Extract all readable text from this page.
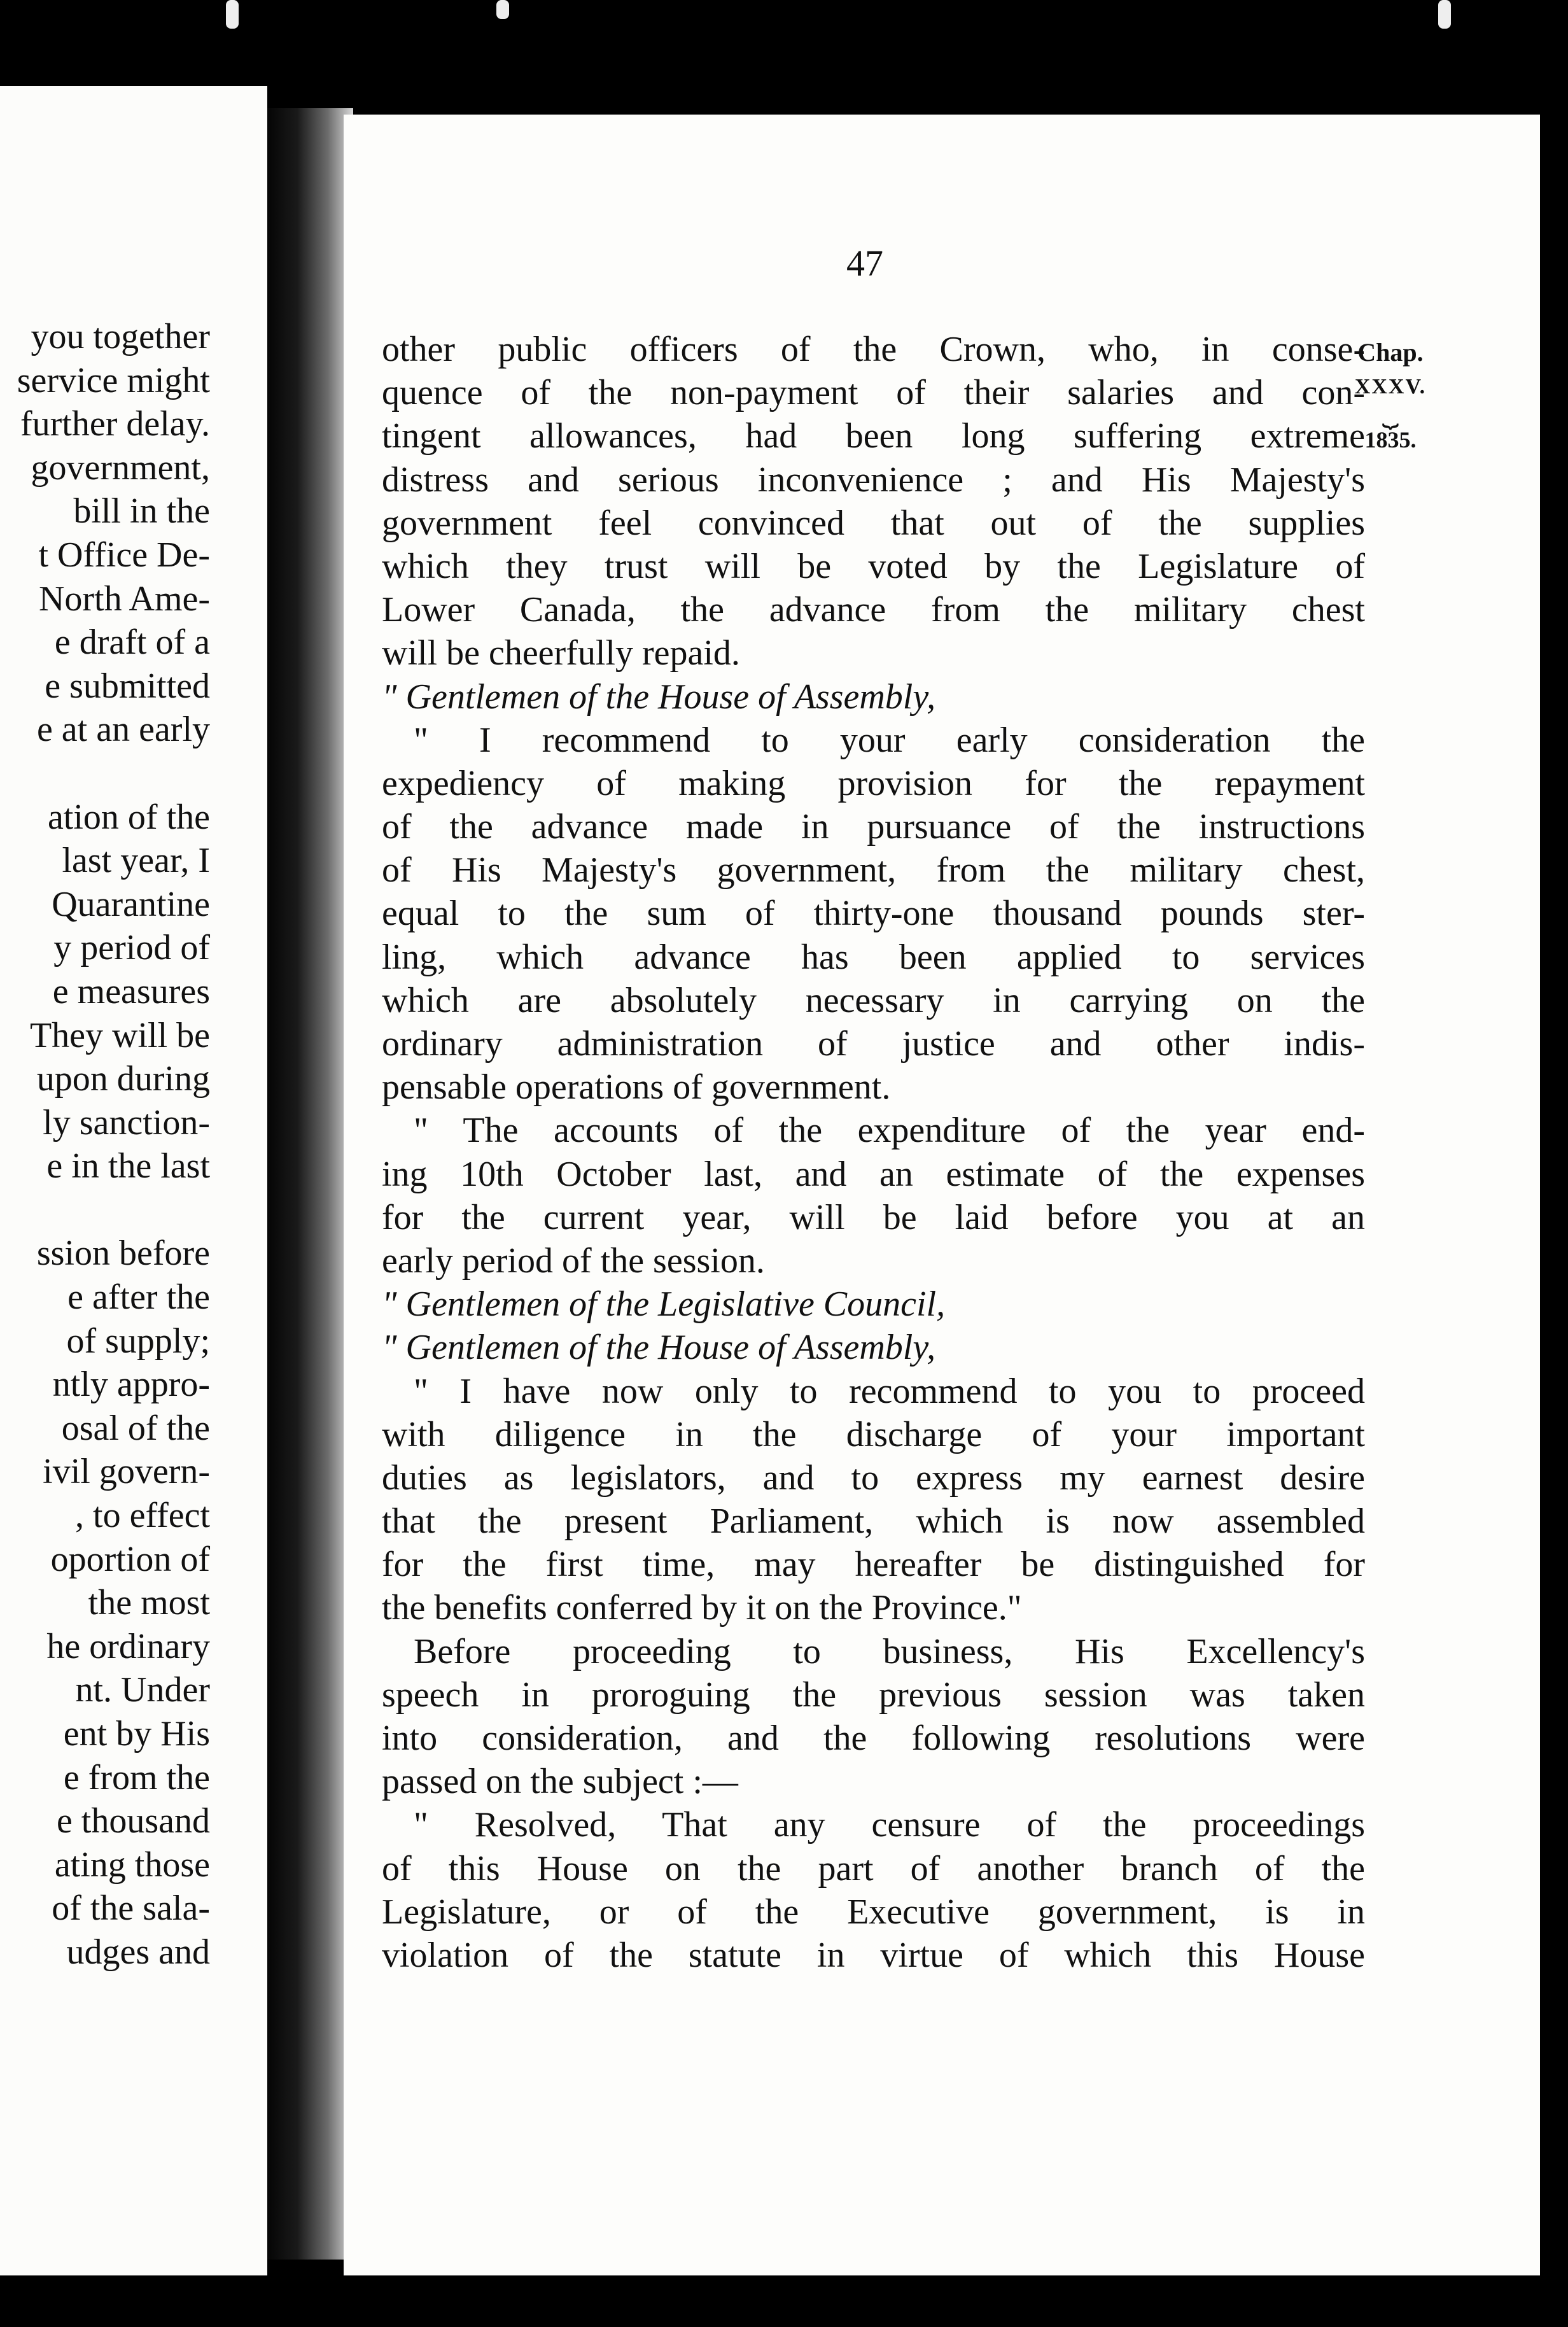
you together
service might
further delay.
government,
bill in the
t Office De-
North Ame-
e draft of a
e submitted
e at an early
ation of the
last year, I
Quarantine
y period of
e measures
They will be
upon during
ly sanction-
e in the last
ssion before
e after the
of supply;
ntly appro-
osal of the
ivil govern-
, to effect
oportion of
the most
he ordinary
nt. Under
ent by His
e from the
e thousand
ating those
of the sala-
udges and
47
other public officers of the Crown, who, in conse-
quence of the non-payment of their salaries and con-
tingent allowances, had been long suffering extreme
distress and serious inconvenience ; and His Majesty's
government feel convinced that out of the supplies
which they trust will be voted by the Legislature of
Lower Canada, the advance from the military chest
will be cheerfully repaid.
" Gentlemen of the House of Assembly,
" I recommend to your early consideration the
expediency of making provision for the repayment
of the advance made in pursuance of the instructions
of His Majesty's government, from the military chest,
equal to the sum of thirty-one thousand pounds ster-
ling, which advance has been applied to services
which are absolutely necessary in carrying on the
ordinary administration of justice and other indis-
pensable operations of government.
" The accounts of the expenditure of the year end-
ing 10th October last, and an estimate of the expenses
for the current year, will be laid before you at an
early period of the session.
" Gentlemen of the Legislative Council,
" Gentlemen of the House of Assembly,
" I have now only to recommend to you to proceed
with diligence in the discharge of your important
duties as legislators, and to express my earnest desire
that the present Parliament, which is now assembled
for the first time, may hereafter be distinguished for
the benefits conferred by it on the Province."
Before proceeding to business, His Excellency's
speech in proroguing the previous session was taken
into consideration, and the following resolutions were
passed on the subject :—
" Resolved, That any censure of the proceedings
of this House on the part of another branch of the
Legislature, or of the Executive government, is in
violation of the statute in virtue of which this House
Chap.
XXXV.
⏟
1835.
